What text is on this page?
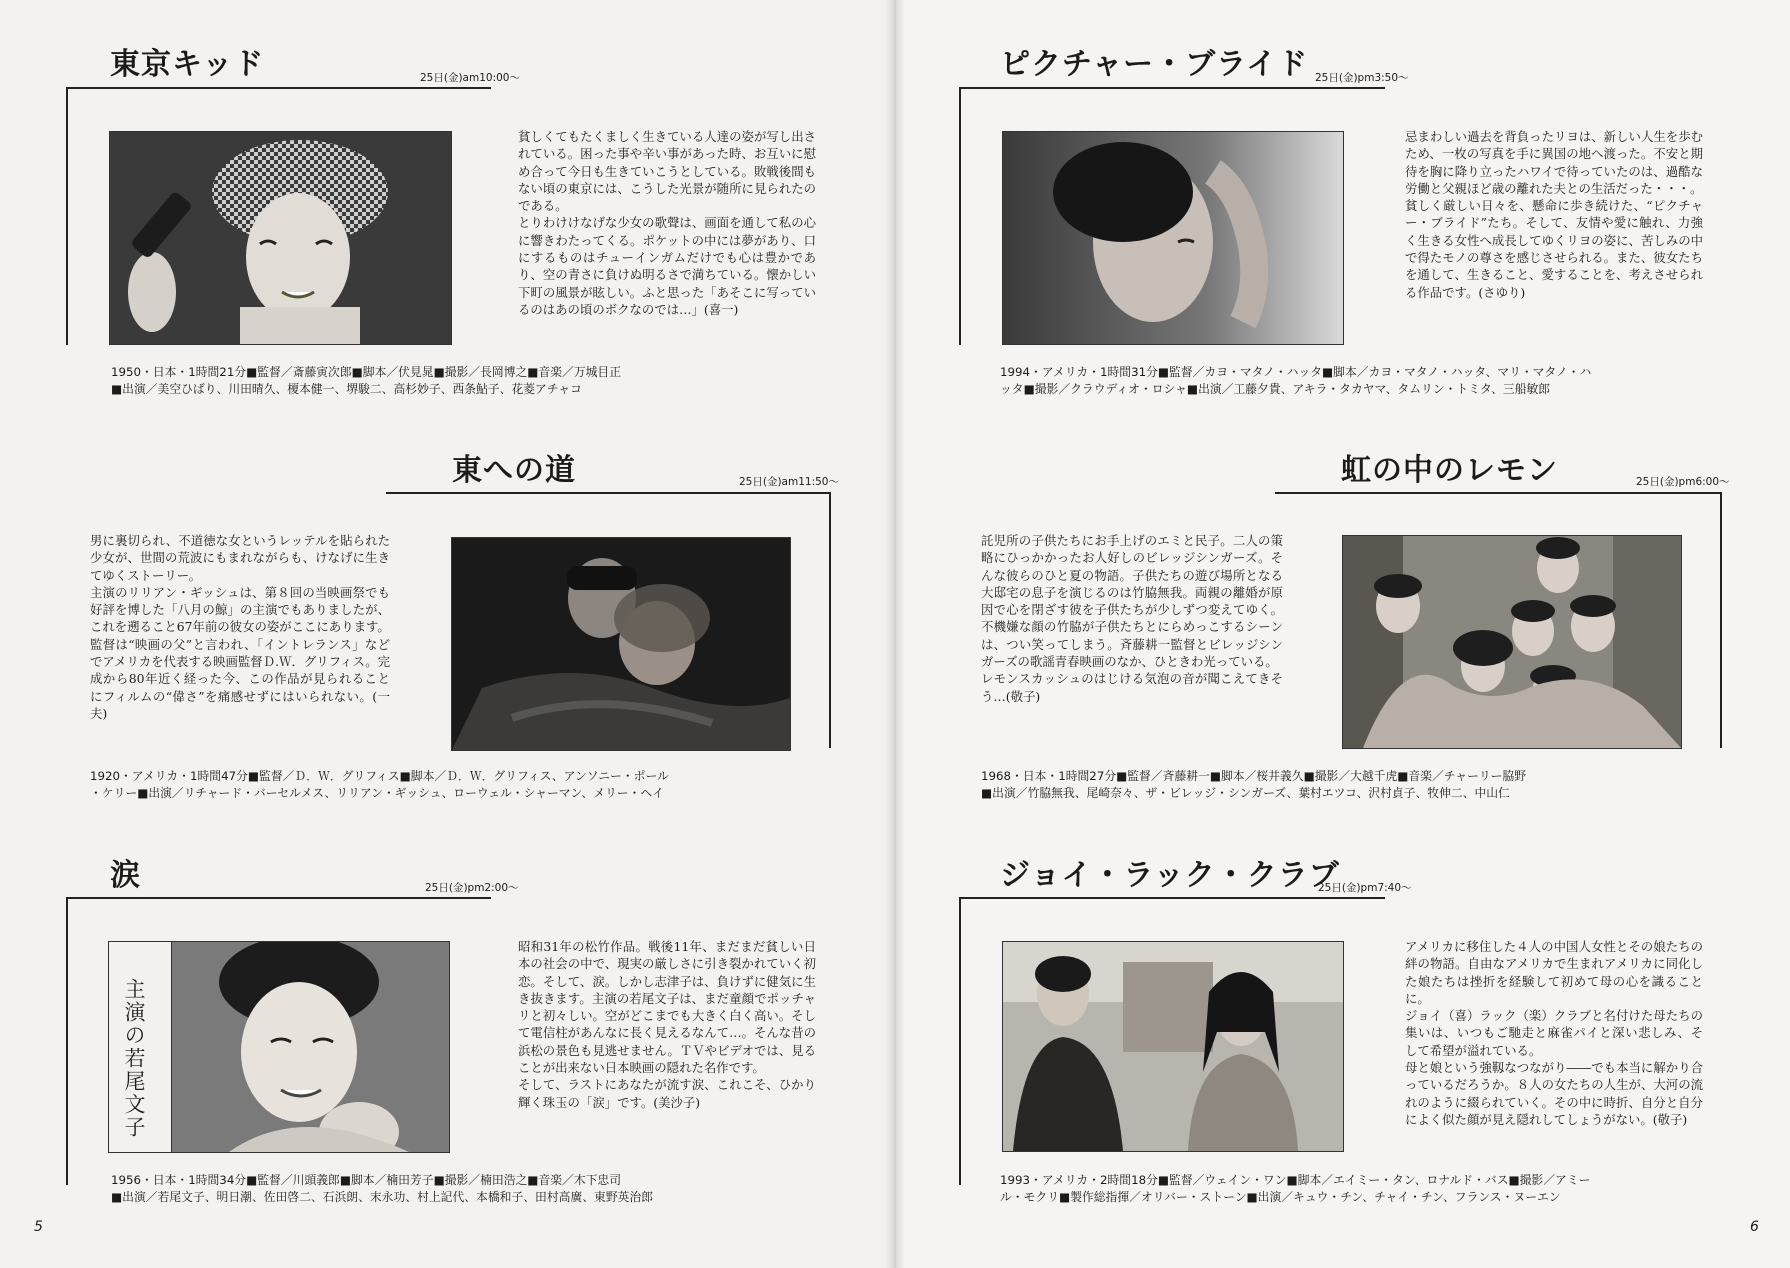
東京キッド	25日(金)am10:00〜

貧しくてもたくましく生きている人達の姿が写し出されている。困った事や辛い事があった時、お互いに慰め合って今日も生きていこうとしている。敗戦後間もない頃の東京には、こうした光景が随所に見られたのである。

とりわけけなげな少女の歌聲は、画面を通して私の心に響きわたってくる。ポケットの中には夢があり、口にするものはチューインガムだけでも心は豊かであり、空の青さに負けぬ明るさで満ちている。懐かしい下町の風景が眩しい。ふと思った「あそこに写っているのはあの頃のボクなのでは…」(喜一)

1950・日本・1時間21分■監督／斎藤寅次郎■脚本／伏見晁■撮影／長岡博之■音楽／万城目正
■出演／美空ひばり、川田晴久、榎本健一、堺駿二、高杉妙子、西条鮎子、花菱アチャコ
東への道	25日(金)am11:50〜

男に裏切られ、不道徳な女というレッテルを貼られた少女が、世間の荒波にもまれながらも、けなげに生きてゆくストーリー。

主演のリリアン・ギッシュは、第８回の当映画祭でも好評を博した「八月の鯨」の主演でもありましたが、これを遡ること67年前の彼女の姿がここにあります。

監督は“映画の父”と言われ、「イントレランス」などでアメリカを代表する映画監督Ｄ.Ｗ．グリフィス。完成から80年近く経った今、この作品が見られることにフィルムの“偉さ”を痛感せずにはいられない。(一夫)

1920・アメリカ・1時間47分■監督／Ｄ．Ｗ．グリフィス■脚本／Ｄ．Ｗ．グリフィス、アンソニー・ポール
・ケリー■出演／リチャード・バーセルメス、リリアン・ギッシュ、ローウェル・シャーマン、メリー・ヘイ
涙	25日(金)pm2:00〜
主演の若尾文子

昭和31年の松竹作品。戦後11年、まだまだ貧しい日本の社会の中で、現実の厳しさに引き裂かれていく初恋。そして、涙。しかし志津子は、負けずに健気に生き抜きます。主演の若尾文子は、まだ童顔でポッチャリと初々しい。空がどこまでも大きく白く高い。そして電信柱があんなに長く見えるなんて…。そんな昔の浜松の景色も見逃せません。ＴＶやビデオでは、見ることが出来ない日本映画の隠れた名作です。

そして、ラストにあなたが流す涙、これこそ、ひかり輝く珠玉の「涙」です。(美沙子)

1956・日本・1時間34分■監督／川頭義郎■脚本／楠田芳子■撮影／楠田浩之■音楽／木下忠司
■出演／若尾文子、明日潮、佐田啓二、石浜朗、末永功、村上記代、本橋和子、田村高廣、東野英治郎
5
ピクチャー・ブライド 25日(金)pm3:50〜

忌まわしい過去を背負ったリヨは、新しい人生を歩むため、一枚の写真を手に異国の地へ渡った。不安と期待を胸に降り立ったハワイで待っていたのは、過酷な労働と父親ほど歳の離れた夫との生活だった・・・。

貧しく厳しい日々を、懸命に歩き続けた、“ピクチャー・ブライド”たち。そして、友情や愛に触れ、力強く生きる女性へ成長してゆくリヨの姿に、苦しみの中で得たモノの尊さを感じさせられる。また、彼女たちを通して、生きること、愛することを、考えさせられる作品です。(さゆり)

1994・アメリカ・1時間31分■監督／カヨ・マタノ・ハッタ■脚本／カヨ・マタノ・ハッタ、マリ・マタノ・ハ
ッタ■撮影／クラウディオ・ロシャ■出演／工藤夕貴、アキラ・タカヤマ、タムリン・トミタ、三船敏郎
虹の中のレモン	25日(金)pm6:00〜

託児所の子供たちにお手上げのエミと民子。二人の策略にひっかかったお人好しのビレッジシンガーズ。そんな彼らのひと夏の物語。子供たちの遊び場所となる大邸宅の息子を演じるのは竹脇無我。両親の離婚が原因で心を閉ざす彼を子供たちが少しずつ変えてゆく。不機嫌な顔の竹脇が子供たちとにらめっこするシーンは、つい笑ってしまう。斉藤耕一監督とビレッジシンガーズの歌謡青春映画のなか、ひときわ光っている。

レモンスカッシュのはじける気泡の音が聞こえてきそう…(敬子)

1968・日本・1時間27分■監督／斉藤耕一■脚本／桜井義久■撮影／大越千虎■音楽／チャーリー脇野
■出演／竹脇無我、尾崎奈々、ザ・ビレッジ・シンガーズ、葉村エツコ、沢村貞子、牧伸二、中山仁
ジョイ・ラック・クラブ
25日(金)pm7:40〜

アメリカに移住した４人の中国人女性とその娘たちの絆の物語。自由なアメリカで生まれアメリカに同化した娘たちは挫折を経験して初めて母の心を識ることに。

ジョイ（喜）ラック（楽）クラブと名付けた母たちの集いは、いつもご馳走と麻雀パイと深い悲しみ、そして希望が溢れている。

母と娘という強靱なつながり――でも本当に解かり合っているだろうか。８人の女たちの人生が、大河の流れのように綴られていく。その中に時折、自分と自分によく似た顔が見え隠れしてしょうがない。(敬子)

1993・アメリカ・2時間18分■監督／ウェイン・ワン■脚本／エイミー・タン、ロナルド・バス■撮影／アミー
ル・モクリ■製作総指揮／オリバー・ストーン■出演／キュウ・チン、チャイ・チン、フランス・ヌーエン
6
